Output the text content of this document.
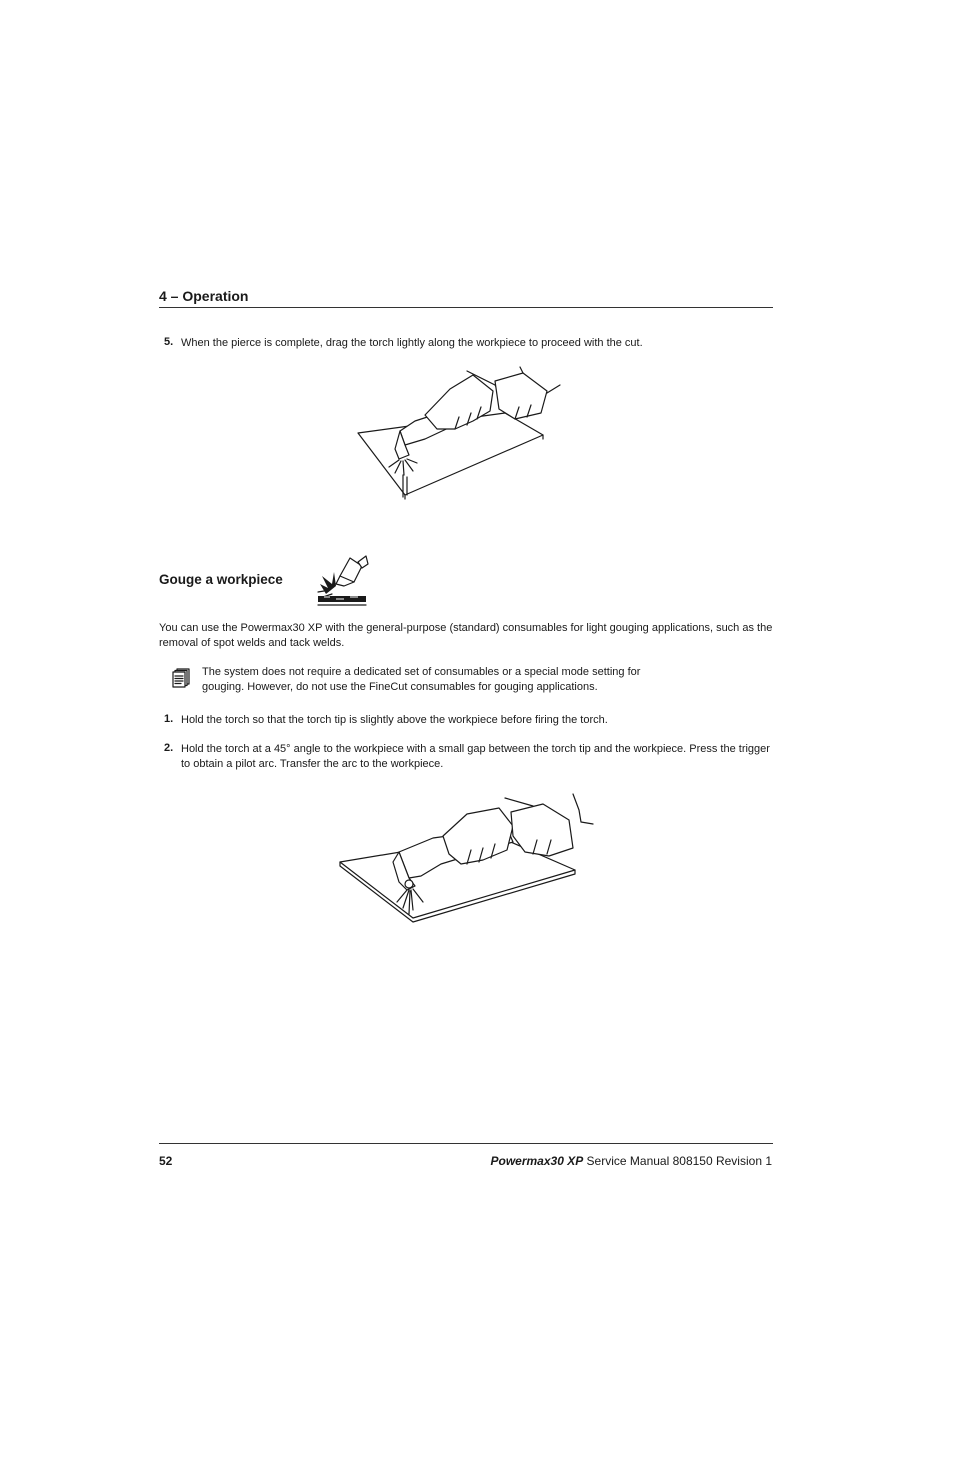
4 – Operation
5. When the pierce is complete, drag the torch lightly along the workpiece to proceed with the cut.
Gouge a workpiece
You can use the Powermax30 XP with the general-purpose (standard) consumables for light gouging applications, such as the removal of spot welds and tack welds.
The system does not require a dedicated set of consumables or a special mode setting for gouging. However, do not use the FineCut consumables for gouging applications.
1. Hold the torch so that the torch tip is slightly above the workpiece before firing the torch.
2. Hold the torch at a 45° angle to the workpiece with a small gap between the torch tip and the workpiece. Press the trigger to obtain a pilot arc. Transfer the arc to the workpiece.
52	Powermax30 XP Service Manual 808150 Revision 1
